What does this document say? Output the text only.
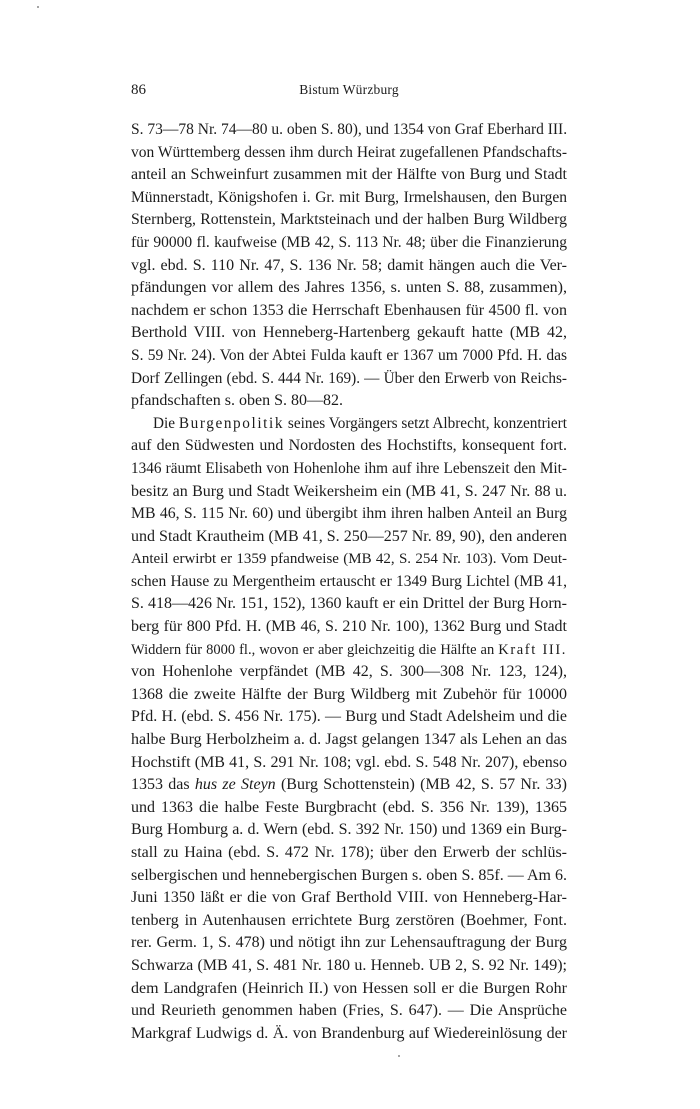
86	Bistum Würzburg
S. 73—78 Nr. 74—80 u. oben S. 80), und 1354 von Graf Eberhard III.
von Württemberg dessen ihm durch Heirat zugefallenen Pfandschafts-
anteil an Schweinfurt zusammen mit der Hälfte von Burg und Stadt
Münnerstadt, Königshofen i. Gr. mit Burg, Irmelshausen, den Burgen
Sternberg, Rottenstein, Marktsteinach und der halben Burg Wildberg
für 90000 fl. kaufweise (MB 42, S. 113 Nr. 48; über die Finanzierung
vgl. ebd. S. 110 Nr. 47, S. 136 Nr. 58; damit hängen auch die Ver-
pfändungen vor allem des Jahres 1356, s. unten S. 88, zusammen),
nachdem er schon 1353 die Herrschaft Ebenhausen für 4500 fl. von
Berthold VIII. von Henneberg-Hartenberg gekauft hatte (MB 42,
S. 59 Nr. 24). Von der Abtei Fulda kauft er 1367 um 7000 Pfd. H. das
Dorf Zellingen (ebd. S. 444 Nr. 169). — Über den Erwerb von Reichs-
pfandschaften s. oben S. 80—82.
Die Burgenpolitik seines Vorgängers setzt Albrecht, konzentriert
auf den Südwesten und Nordosten des Hochstifts, konsequent fort.
1346 räumt Elisabeth von Hohenlohe ihm auf ihre Lebenszeit den Mit-
besitz an Burg und Stadt Weikersheim ein (MB 41, S. 247 Nr. 88 u.
MB 46, S. 115 Nr. 60) und übergibt ihm ihren halben Anteil an Burg
und Stadt Krautheim (MB 41, S. 250—257 Nr. 89, 90), den anderen
Anteil erwirbt er 1359 pfandweise (MB 42, S. 254 Nr. 103). Vom Deut-
schen Hause zu Mergentheim ertauscht er 1349 Burg Lichtel (MB 41,
S. 418—426 Nr. 151, 152), 1360 kauft er ein Drittel der Burg Horn-
berg für 800 Pfd. H. (MB 46, S. 210 Nr. 100), 1362 Burg und Stadt
Widdern für 8000 fl., wovon er aber gleichzeitig die Hälfte an Kraft III.
von Hohenlohe verpfändet (MB 42, S. 300—308 Nr. 123, 124),
1368 die zweite Hälfte der Burg Wildberg mit Zubehör für 10000
Pfd. H. (ebd. S. 456 Nr. 175). — Burg und Stadt Adelsheim und die
halbe Burg Herbolzheim a. d. Jagst gelangen 1347 als Lehen an das
Hochstift (MB 41, S. 291 Nr. 108; vgl. ebd. S. 548 Nr. 207), ebenso
1353 das hus ze Steyn (Burg Schottenstein) (MB 42, S. 57 Nr. 33)
und 1363 die halbe Feste Burgbracht (ebd. S. 356 Nr. 139), 1365
Burg Homburg a. d. Wern (ebd. S. 392 Nr. 150) und 1369 ein Burg-
stall zu Haina (ebd. S. 472 Nr. 178); über den Erwerb der schlüs-
selbergischen und hennebergischen Burgen s. oben S. 85f. — Am 6.
Juni 1350 läßt er die von Graf Berthold VIII. von Henneberg-Har-
tenberg in Autenhausen errichtete Burg zerstören (Boehmer, Font.
rer. Germ. 1, S. 478) und nötigt ihn zur Lehensauftragung der Burg
Schwarza (MB 41, S. 481 Nr. 180 u. Henneb. UB 2, S. 92 Nr. 149);
dem Landgrafen (Heinrich II.) von Hessen soll er die Burgen Rohr
und Reurieth genommen haben (Fries, S. 647). — Die Ansprüche
Markgraf Ludwigs d. Ä. von Brandenburg auf Wiedereinlösung der
